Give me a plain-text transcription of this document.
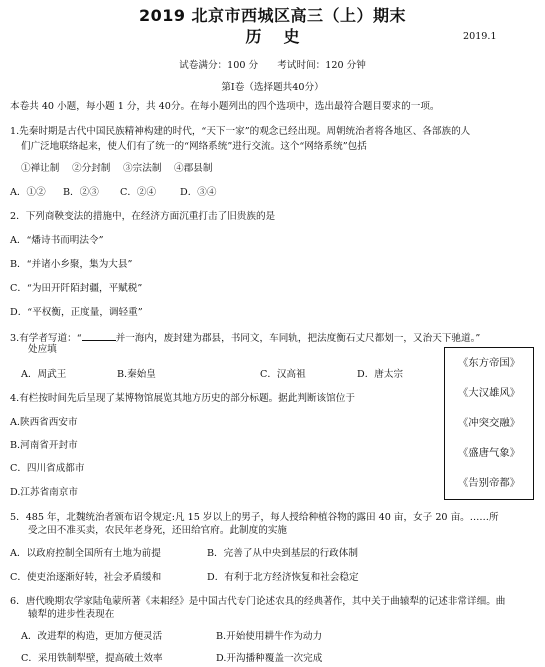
2019 北京市西城区高三（上）期末
历史	2019.1
试卷满分：100 分　　考试时间：120 分钟
第Ⅰ卷（选择题共40分）
本卷共 40 小题，每小题 1 分，共 40分。在每小题列出的四个选项中，选出最符合题目要求的一项。
1.先秦时期是古代中国民族精神构建的时代，“天下一家”的观念已经出现。周朝统治者将各地区、各部族的人
们广泛地联络起来，使人们有了统一的“网络系统”进行交流。这个“网络系统”包括
①禅让制　 ②分封制　 ③宗法制　 ④郡县制
A．①② B．②③ C．②④ D．③④
2．下列商鞅变法的措施中，在经济方面沉重打击了旧贵族的是
A．“燔诗书而明法令”
B．“并诸小乡聚，集为大县”
C．“为田开阡陌封疆，平赋税”
D．“平权衡，正度量，调轻重”
3.有学者写道：“	并一海内，废封建为郡县，书同文，车同轨，把法度衡石丈尺都划一，又治天下驰道。”
处应填
A．周武王	B.秦始皇	C．汉高祖	D．唐太宗
4.有栏按时间先后呈现了某博物馆展览其地方历史的部分标题。据此判断该馆位于
A.陕西省西安市
B.河南省开封市
C．四川省成都市
D.江苏省南京市
《东方帝国》
《大汉雄风》
《冲突交融》
《盛唐气象》
《告别帝都》
5．485 年，北魏统治者颁布诏令规定:凡 15 岁以上的男子，每人授给种植谷物的露田 40 亩，女子 20 亩。……所
受之田不准买卖，农民年老身死，还田给官府。此制度的实施
A．以政府控制全国所有土地为前提	B．完善了从中央到基层的行政体制
C．使吏治逐渐好转，社会矛盾缓和	D．有利于北方经济恢复和社会稳定
6．唐代晚期农学家陆龟蒙所著《耒耜经》是中国古代专门论述农具的经典著作，其中关于曲辕犁的记述非常详细。曲
辕犁的进步性表现在
A．改进犁的构造，更加方便灵活	B.开始使用耕牛作为动力
C．采用铁制犁壁，提高破土效率	D.开沟播种覆盖一次完成
